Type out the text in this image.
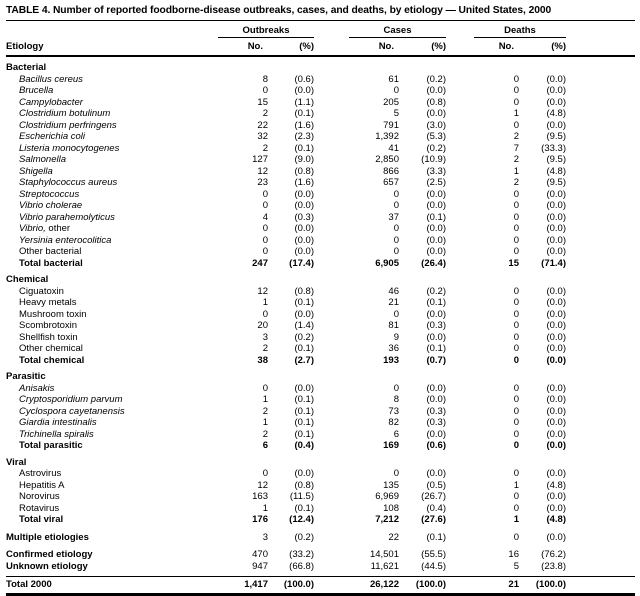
TABLE 4. Number of reported foodborne-disease outbreaks, cases, and deaths, by etiology — United States, 2000

	Outbreaks			Cases			Deaths		

Etiology	No.	(%)		No.	(%)		No.	(%)	

Bacterial									
Bacillus cereus	8	(0.6)		61	(0.2)		0	(0.0)	
Brucella	0	(0.0)		0	(0.0)		0	(0.0)	
Campylobacter	15	(1.1)		205	(0.8)		0	(0.0)	
Clostridium botulinum	2	(0.1)		5	(0.0)		1	(4.8)	
Clostridium perfringens	22	(1.6)		791	(3.0)		0	(0.0)	
Escherichia coli	32	(2.3)		1,392	(5.3)		2	(9.5)	
Listeria monocytogenes	2	(0.1)		41	(0.2)		7	(33.3)	
Salmonella	127	(9.0)		2,850	(10.9)		2	(9.5)	
Shigella	12	(0.8)		866	(3.3)		1	(4.8)	
Staphylococcus aureus	23	(1.6)		657	(2.5)		2	(9.5)	
Streptococcus	0	(0.0)		0	(0.0)		0	(0.0)	
Vibrio cholerae	0	(0.0)		0	(0.0)		0	(0.0)	
Vibrio parahemolyticus	4	(0.3)		37	(0.1)		0	(0.0)	
Vibrio, other	0	(0.0)		0	(0.0)		0	(0.0)	
Yersinia enterocolitica	0	(0.0)		0	(0.0)		0	(0.0)	
Other bacterial	0	(0.0)		0	(0.0)		0	(0.0)	
Total bacterial	247	(17.4)		6,905	(26.4)		15	(71.4)	

Chemical									
Ciguatoxin	12	(0.8)		46	(0.2)		0	(0.0)	
Heavy metals	1	(0.1)		21	(0.1)		0	(0.0)	
Mushroom toxin	0	(0.0)		0	(0.0)		0	(0.0)	
Scombrotoxin	20	(1.4)		81	(0.3)		0	(0.0)	
Shellfish toxin	3	(0.2)		9	(0.0)		0	(0.0)	
Other chemical	2	(0.1)		36	(0.1)		0	(0.0)	
Total chemical	38	(2.7)		193	(0.7)		0	(0.0)	

Parasitic									
Anisakis	0	(0.0)		0	(0.0)		0	(0.0)	
Cryptosporidium parvum	1	(0.1)		8	(0.0)		0	(0.0)	
Cyclospora cayetanensis	2	(0.1)		73	(0.3)		0	(0.0)	
Giardia intestinalis	1	(0.1)		82	(0.3)		0	(0.0)	
Trichinella spiralis	2	(0.1)		6	(0.0)		0	(0.0)	
Total parasitic	6	(0.4)		169	(0.6)		0	(0.0)	

Viral									
Astrovirus	0	(0.0)		0	(0.0)		0	(0.0)	
Hepatitis A	12	(0.8)		135	(0.5)		1	(4.8)	
Norovirus	163	(11.5)		6,969	(26.7)		0	(0.0)	
Rotavirus	1	(0.1)		108	(0.4)		0	(0.0)	
Total viral	176	(12.4)		7,212	(27.6)		1	(4.8)	

Multiple etiologies	3	(0.2)		22	(0.1)		0	(0.0)	

Confirmed etiology	470	(33.2)		14,501	(55.5)		16	(76.2)	
Unknown etiology	947	(66.8)		11,621	(44.5)		5	(23.8)	

Total 2000	1,417	(100.0)		26,122	(100.0)		21	(100.0)	
